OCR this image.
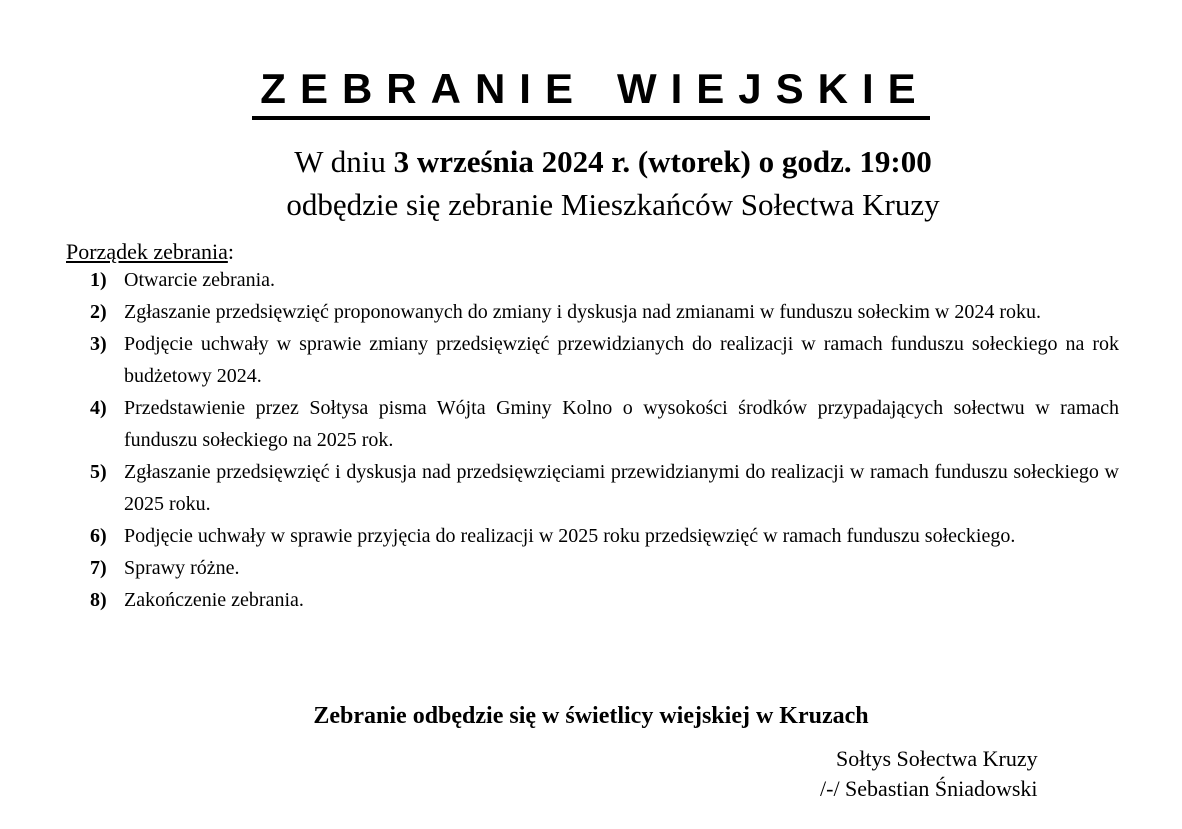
ZEBRANIE WIEJSKIE
W dniu 3 września 2024 r. (wtorek) o godz. 19:00
odbędzie się zebranie Mieszkańców Sołectwa Kruzy
Porządek zebrania:
1) Otwarcie zebrania.
2) Zgłaszanie przedsięwzięć proponowanych do zmiany i dyskusja nad zmianami w funduszu sołeckim w 2024 roku.
3) Podjęcie uchwały w sprawie zmiany przedsięwzięć przewidzianych do realizacji w ramach funduszu sołeckiego na rok budżetowy 2024.
4) Przedstawienie przez Sołtysa pisma Wójta Gminy Kolno o wysokości środków przypadających sołectwu w ramach funduszu sołeckiego na 2025 rok.
5) Zgłaszanie przedsięwzięć i dyskusja nad przedsięwzięciami przewidzianymi do realizacji w ramach funduszu sołeckiego w 2025 roku.
6) Podjęcie uchwały w sprawie przyjęcia do realizacji w 2025 roku przedsięwzięć w ramach funduszu sołeckiego.
7) Sprawy różne.
8) Zakończenie zebrania.
Zebranie odbędzie się w świetlicy wiejskiej w Kruzach
Sołtys Sołectwa Kruzy
/-/ Sebastian Śniadowski
